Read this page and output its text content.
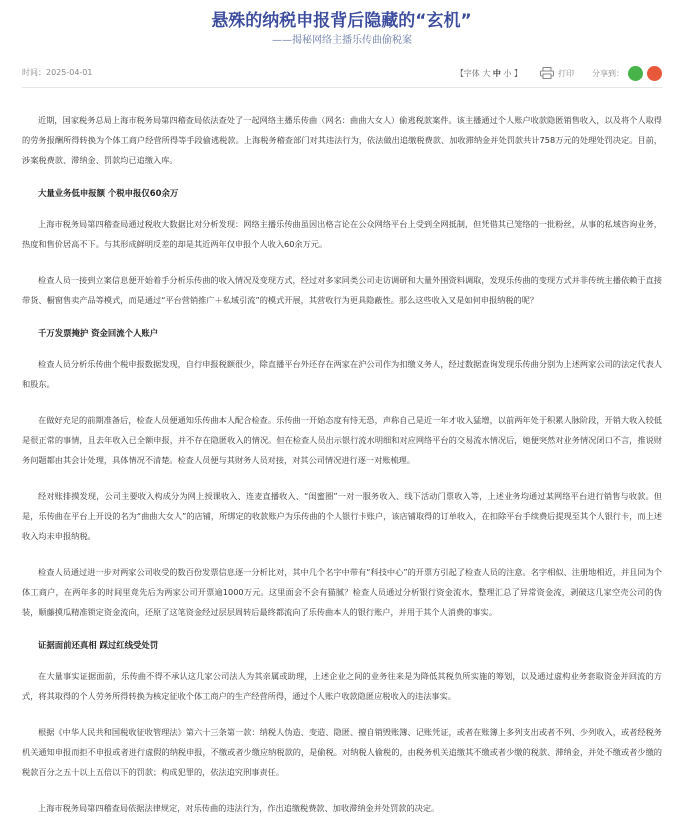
悬殊的纳税申报背后隐藏的“玄机”
——揭秘网络主播乐传曲偷税案
时间：2025-04-01	【字体 大 中 小 】	打印 分享到：

近期，国家税务总局上海市税务局第四稽查局依法查处了一起网络主播乐传曲（网名：曲曲大女人）偷逃税款案件。该主播通过个人账户收款隐匿销售收入，以及将个人取得的劳务报酬所得转换为个体工商户经营所得等手段偷逃税款。上海税务稽查部门对其违法行为，依法做出追缴税费款、加收滞纳金并处罚款共计758万元的处理处罚决定。目前，涉案税费款、滞纳金、罚款均已追缴入库。

大量业务低申报额 个税申报仅60余万

上海市税务局第四稽查局通过税收大数据比对分析发现：网络主播乐传曲虽因出格言论在公众网络平台上受到全网抵制，但凭借其已笼络的一批粉丝，从事的私域咨询业务，热度和售价居高不下。与其形成鲜明反差的却是其近两年仅申报个人收入60余万元。

检查人员一接到立案信息便开始着手分析乐传曲的收入情况及变现方式，经过对多家同类公司走访调研和大量外围资料调取，发现乐传曲的变现方式并非传统主播依赖于直接带货、橱窗售卖产品等模式，而是通过“平台营销推广＋私域引流”的模式开展，其营收行为更具隐蔽性。那么这些收入又是如何申报纳税的呢？

千万发票掩护 资金回流个人账户

检查人员分析乐传曲个税申报数据发现，自行申报税额很少，除直播平台外还存在两家在沪公司作为扣缴义务人，经过数据查询发现乐传曲分别为上述两家公司的法定代表人和股东。

在做好充足的前期准备后，检查人员便通知乐传曲本人配合检查。乐传曲一开始态度有恃无恐，声称自己是近一年才收入猛增，以前两年处于积累人脉阶段，开销大收入较低是很正常的事情，且去年收入已全额申报，并不存在隐匿收入的情况。但在检查人员出示银行流水明细和对应网络平台的交易流水情况后，她便突然对业务情况闭口不言，推说财务问题都由其会计处理，具体情况不清楚。检查人员便与其财务人员对接，对其公司情况进行逐一对账梳理。

经对账排摸发现，公司主要收入构成分为网上授课收入、连麦直播收入、“闺蜜圈”一对一服务收入、线下活动门票收入等，上述业务均通过某网络平台进行销售与收款。但是，乐传曲在平台上开设的名为“曲曲大女人”的店铺，所绑定的收款账户为乐传曲的个人银行卡账户，该店铺取得的订单收入，在扣除平台手续费后提现至其个人银行卡，而上述收入均未申报纳税。

检查人员通过进一步对两家公司收受的数百份发票信息逐一分析比对，其中几个名字中带有“科技中心”的开票方引起了检查人员的注意。名字相似、注册地相近，并且同为个体工商户，在两年多的时间里竟先后为两家公司开票逾1000万元。这里面会不会有猫腻？检查人员通过分析银行资金流水，整理汇总了异常资金流，剥破这几家空壳公司的伪装，顺藤摸瓜精准锁定资金流向，还原了这笔资金经过层层周转后最终都流向了乐传曲本人的银行账户，并用于其个人消费的事实。

证据面前还真相 踩过红线受处罚

在大量事实证据面前，乐传曲不得不承认这几家公司法人为其亲属或助理，上述企业之间的业务往来是为降低其税负所实施的筹划，以及通过虚构业务套取资金并回流的方式，将其取得的个人劳务所得转换为核定征收个体工商户的生产经营所得，通过个人账户收款隐匿应税收入的违法事实。

根据《中华人民共和国税收征收管理法》第六十三条第一款：纳税人伪造、变造、隐匿、擅自销毁账簿、记账凭证，或者在账簿上多列支出或者不列、少列收入，或者经税务机关通知申报而拒不申报或者进行虚假的纳税申报，不缴或者少缴应纳税款的，是偷税。对纳税人偷税的，由税务机关追缴其不缴或者少缴的税款、滞纳金，并处不缴或者少缴的税款百分之五十以上五倍以下的罚款；构成犯罪的，依法追究刑事责任。

上海市税务局第四稽查局依据法律规定，对乐传曲的违法行为，作出追缴税费款、加收滞纳金并处罚款的决定。
